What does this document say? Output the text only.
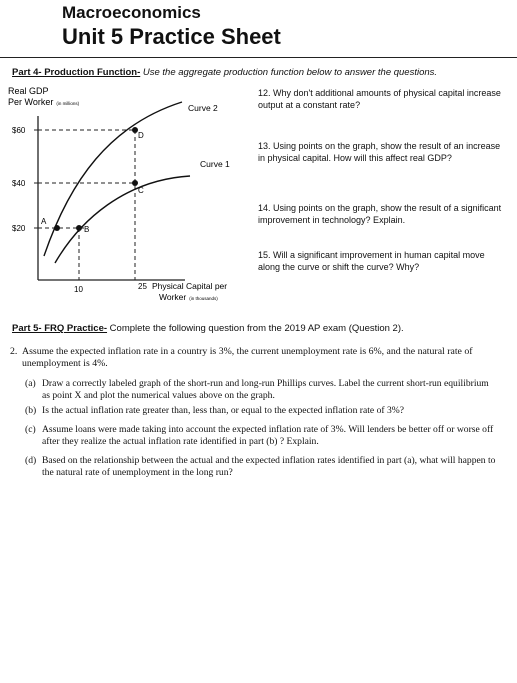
Macroeconomics
Unit 5 Practice Sheet
Part 4- Production Function- Use the aggregate production function below to answer the questions.
Real GDP
Per Worker (in millions)
$60
$40
$20
A
B
C
D
Curve 2
Curve 1
10	25 Physical Capital per
Worker (in thousands)
12. Why don't additional amounts of physical capital increase output at a constant rate?
13. Using points on the graph, show the result of an increase in physical capital. How will this affect real GDP?
14. Using points on the graph, show the result of a significant improvement in technology? Explain.
15. Will a significant improvement in human capital move along the curve or shift the curve? Why?
Part 5- FRQ Practice- Complete the following question from the 2019 AP exam (Question 2).
2. Assume the expected inflation rate in a country is 3%, the current unemployment rate is 6%, and the natural rate of unemployment is 4%.
(a) Draw a correctly labeled graph of the short-run and long-run Phillips curves. Label the current short-run equilibrium as point X and plot the numerical values above on the graph.
(b) Is the actual inflation rate greater than, less than, or equal to the expected inflation rate of 3%?
(c) Assume loans were made taking into account the expected inflation rate of 3%. Will lenders be better off or worse off after they realize the actual inflation rate identified in part (b) ? Explain.
(d) Based on the relationship between the actual and the expected inflation rates identified in part (a), what will happen to the natural rate of unemployment in the long run?
